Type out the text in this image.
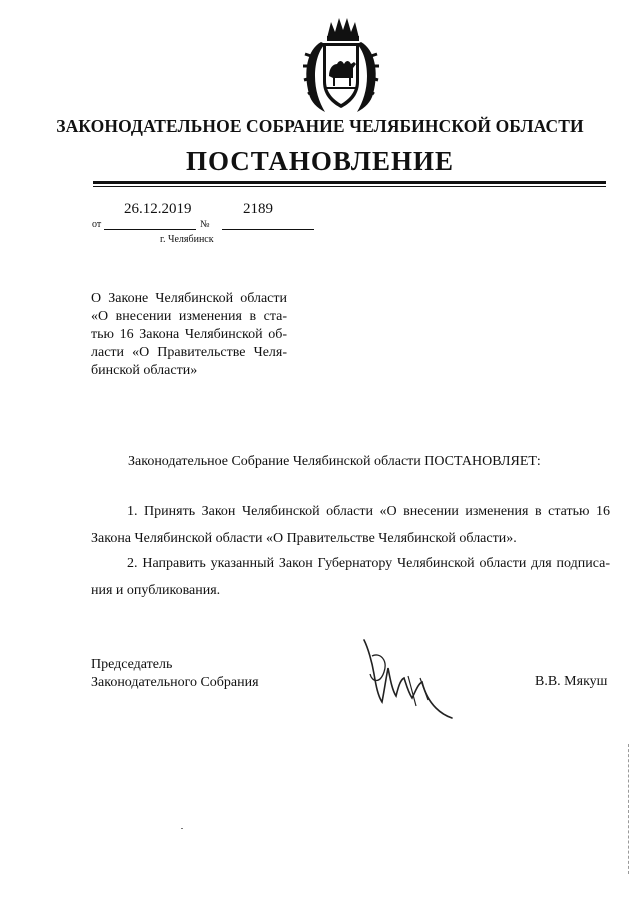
ЗАКОНОДАТЕЛЬНОЕ СОБРАНИЕ ЧЕЛЯБИНСКОЙ ОБЛАСТИ
ПОСТАНОВЛЕНИЕ
26.12.2019	2189
от	№
г. Челябинск
О Законе Челябинской области
«О внесении изменения в ста-
тью 16 Закона Челябинской об-
ласти «О Правительстве Челя-
бинской области»
Законодательное Собрание Челябинской области ПОСТАНОВЛЯЕТ:
1. Принять Закон Челябинской области «О внесении изменения в статью 16
Закона Челябинской области «О Правительстве Челябинской области».
2. Направить указанный Закон Губернатору Челябинской области для подписа-
ния и опубликования.
Председатель
Законодательного Собрания	В.В. Мякуш
